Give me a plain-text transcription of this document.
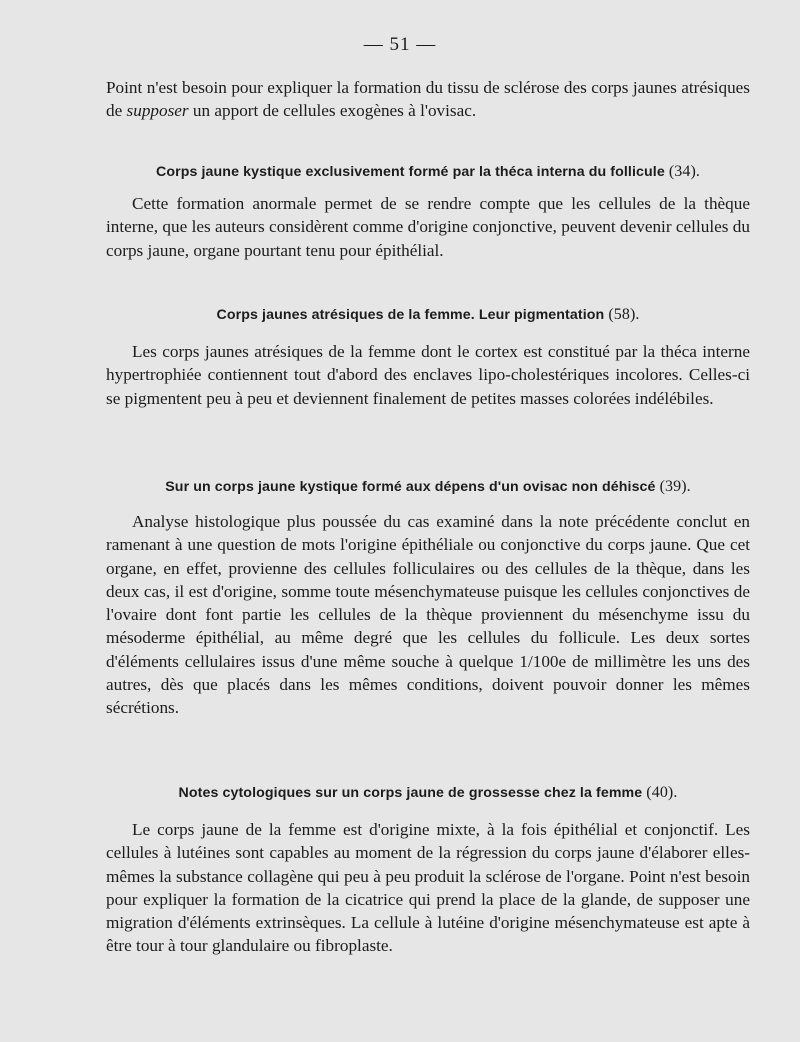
— 51 —

Point n'est besoin pour expliquer la formation du tissu de sclérose des corps jaunes atrésiques de supposer un apport de cellules exogènes à l'ovisac.

Corps jaune kystique exclusivement formé par la théca interna du follicule (34).

Cette formation anormale permet de se rendre compte que les cellules de la thèque interne, que les auteurs considèrent comme d'origine conjonctive, peuvent devenir cellules du corps jaune, organe pourtant tenu pour épithélial.

Corps jaunes atrésiques de la femme. Leur pigmentation (58).

Les corps jaunes atrésiques de la femme dont le cortex est constitué par la théca interne hypertrophiée contiennent tout d'abord des enclaves lipo-cholestériques incolores. Celles-ci se pigmentent peu à peu et deviennent finalement de petites masses colorées indélébiles.

Sur un corps jaune kystique formé aux dépens d'un ovisac non déhiscé (39).

Analyse histologique plus poussée du cas examiné dans la note précédente conclut en ramenant à une question de mots l'origine épithéliale ou conjonctive du corps jaune. Que cet organe, en effet, provienne des cellules folliculaires ou des cellules de la thèque, dans les deux cas, il est d'origine, somme toute mésenchymateuse puisque les cellules conjonctives de l'ovaire dont font partie les cellules de la thèque proviennent du mésenchyme issu du mésoderme épithélial, au même degré que les cellules du follicule. Les deux sortes d'éléments cellulaires issus d'une même souche à quelque 1/100e de millimètre les uns des autres, dès que placés dans les mêmes conditions, doivent pouvoir donner les mêmes sécrétions.

Notes cytologiques sur un corps jaune de grossesse chez la femme (40).

Le corps jaune de la femme est d'origine mixte, à la fois épithélial et conjonctif. Les cellules à lutéines sont capables au moment de la régression du corps jaune d'élaborer elles-mêmes la substance collagène qui peu à peu produit la sclérose de l'organe. Point n'est besoin pour expliquer la formation de la cicatrice qui prend la place de la glande, de supposer une migration d'éléments extrinsèques. La cellule à lutéine d'origine mésenchymateuse est apte à être tour à tour glandulaire ou fibroplaste.
